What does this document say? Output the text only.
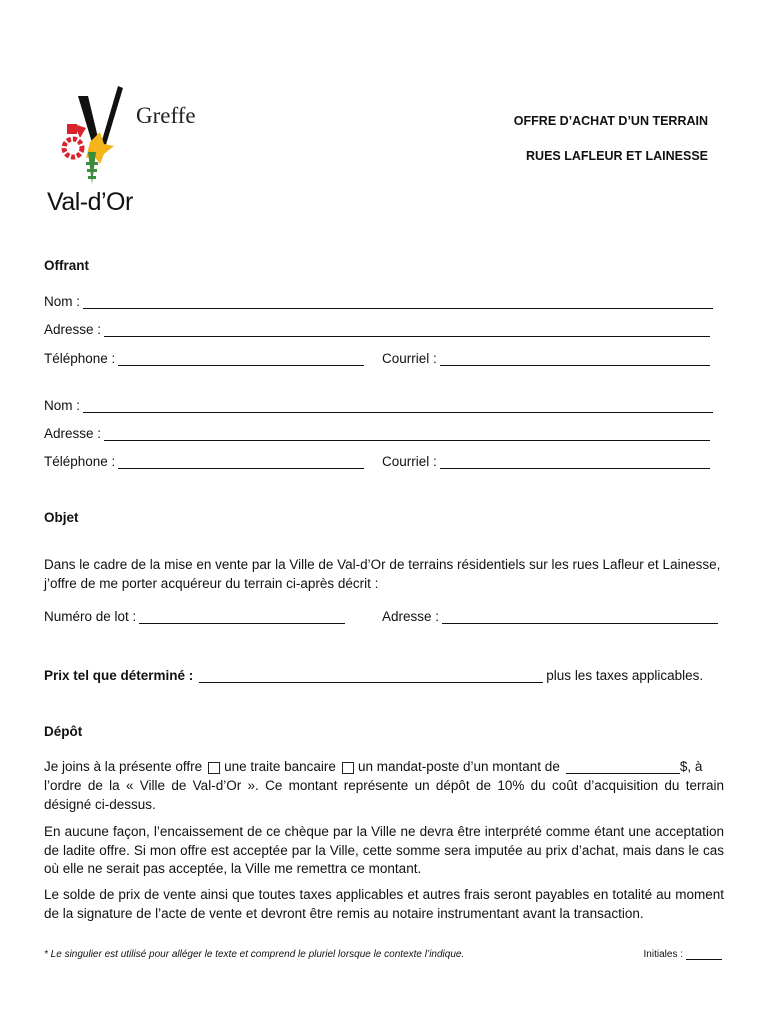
Greffe
Val-d’Or
OFFRE D’ACHAT D’UN TERRAIN
RUES LAFLEUR ET LAINESSE
Offrant
Nom :
Adresse :
Téléphone :	Courriel :
Nom :
Adresse :
Téléphone :	Courriel :
Objet
Dans le cadre de la mise en vente par la Ville de Val-d’Or de terrains résidentiels sur les rues Lafleur et Lainesse, j’offre de me porter acquéreur du terrain ci-après décrit :
Numéro de lot :	Adresse :
Prix tel que déterminé :	plus les taxes applicables.
Dépôt
Je joins à la présente offre une traite bancaire un mandat-poste d’un montant de	$, à
l’ordre de la « Ville de Val-d’Or ». Ce montant représente un dépôt de 10% du coût d’acquisition du terrain désigné ci-dessus.
En aucune façon, l’encaissement de ce chèque par la Ville ne devra être interprété comme étant une acceptation de ladite offre. Si mon offre est acceptée par la Ville, cette somme sera imputée au prix d’achat, mais dans le cas où elle ne serait pas acceptée, la Ville me remettra ce montant.
Le solde de prix de vente ainsi que toutes taxes applicables et autres frais seront payables en totalité au moment de la signature de l’acte de vente et devront être remis au notaire instrumentant avant la transaction.
* Le singulier est utilisé pour alléger le texte et comprend le pluriel lorsque le contexte l’indique.	Initiales :
